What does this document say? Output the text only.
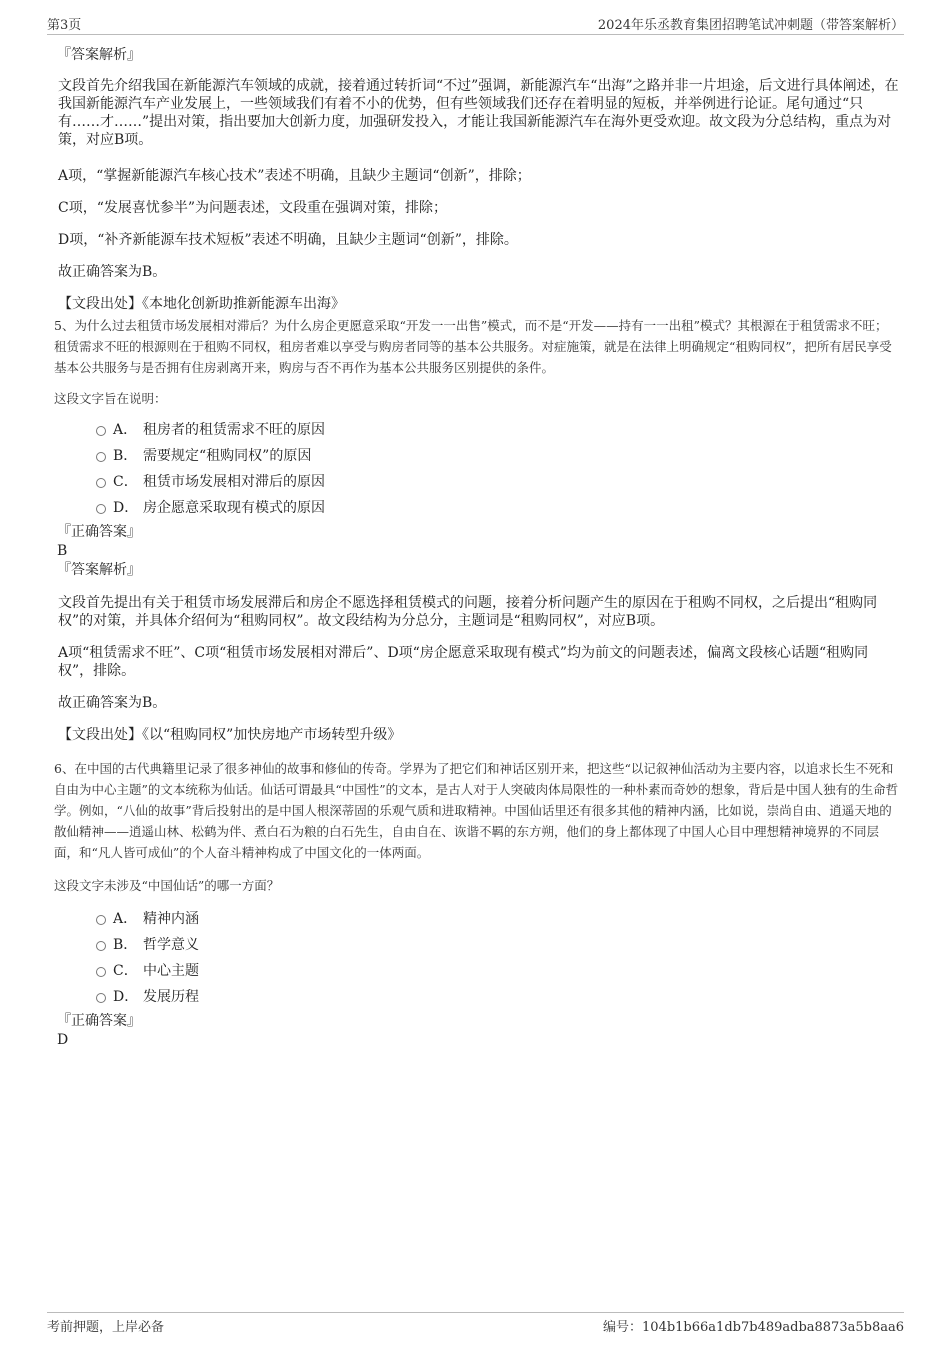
第3页	2024年乐丞教育集团招聘笔试冲刺题（带答案解析）

『答案解析』

文段首先介绍我国在新能源汽车领域的成就，接着通过转折词“不过”强调，新能源汽车“出海”之路并非一片坦途，后文进行具体阐述，在我国新能源汽车产业发展上，一些领域我们有着不小的优势，但有些领域我们还存在着明显的短板，并举例进行论证。尾句通过“只有……才……”提出对策，指出要加大创新力度，加强研发投入，才能让我国新能源汽车在海外更受欢迎。故文段为分总结构，重点为对策，对应B项。

A项，“掌握新能源汽车核心技术”表述不明确，且缺少主题词“创新”，排除；

C项，“发展喜忧参半”为问题表述，文段重在强调对策，排除；

D项，“补齐新能源车技术短板”表述不明确，且缺少主题词“创新”，排除。

故正确答案为B。

【文段出处】《本地化创新助推新能源车出海》

5、为什么过去租赁市场发展相对滞后？为什么房企更愿意采取“开发一一出售”模式，而不是“开发——持有一一出租”模式？其根源在于租赁需求不旺；租赁需求不旺的根源则在于租购不同权，租房者难以享受与购房者同等的基本公共服务。对症施策，就是在法律上明确规定“租购同权”，把所有居民享受基本公共服务与是否拥有住房剥离开来，购房与否不再作为基本公共服务区别提供的条件。

这段文字旨在说明：

A． 租房者的租赁需求不旺的原因
B． 需要规定“租购同权”的原因
C． 租赁市场发展相对滞后的原因
D． 房企愿意采取现有模式的原因

『正确答案』

B

『答案解析』

文段首先提出有关于租赁市场发展滞后和房企不愿选择租赁模式的问题，接着分析问题产生的原因在于租购不同权，之后提出“租购同权”的对策，并具体介绍何为“租购同权”。故文段结构为分总分，主题词是“租购同权”，对应B项。

A项“租赁需求不旺”、C项“租赁市场发展相对滞后”、D项“房企愿意采取现有模式”均为前文的问题表述，偏离文段核心话题“租购同权”，排除。

故正确答案为B。

【文段出处】《以“租购同权”加快房地产市场转型升级》

6、在中国的古代典籍里记录了很多神仙的故事和修仙的传奇。学界为了把它们和神话区别开来，把这些“以记叙神仙活动为主要内容，以追求长生不死和自由为中心主题”的文本统称为仙话。仙话可谓最具“中国性”的文本，是古人对于人突破肉体局限性的一种朴素而奇妙的想象，背后是中国人独有的生命哲学。例如，“八仙的故事”背后投射出的是中国人根深蒂固的乐观气质和进取精神。中国仙话里还有很多其他的精神内涵，比如说，崇尚自由、逍遥天地的散仙精神——逍遥山林、松鹤为伴、煮白石为粮的白石先生，自由自在、诙谐不羁的东方朔，他们的身上都体现了中国人心目中理想精神境界的不同层面，和“凡人皆可成仙”的个人奋斗精神构成了中国文化的一体两面。

这段文字未涉及“中国仙话”的哪一方面？

A． 精神内涵
B． 哲学意义
C． 中心主题
D． 发展历程

『正确答案』

D

考前押题，上岸必备	编号：104b1b66a1db7b489adba8873a5b8aa6
